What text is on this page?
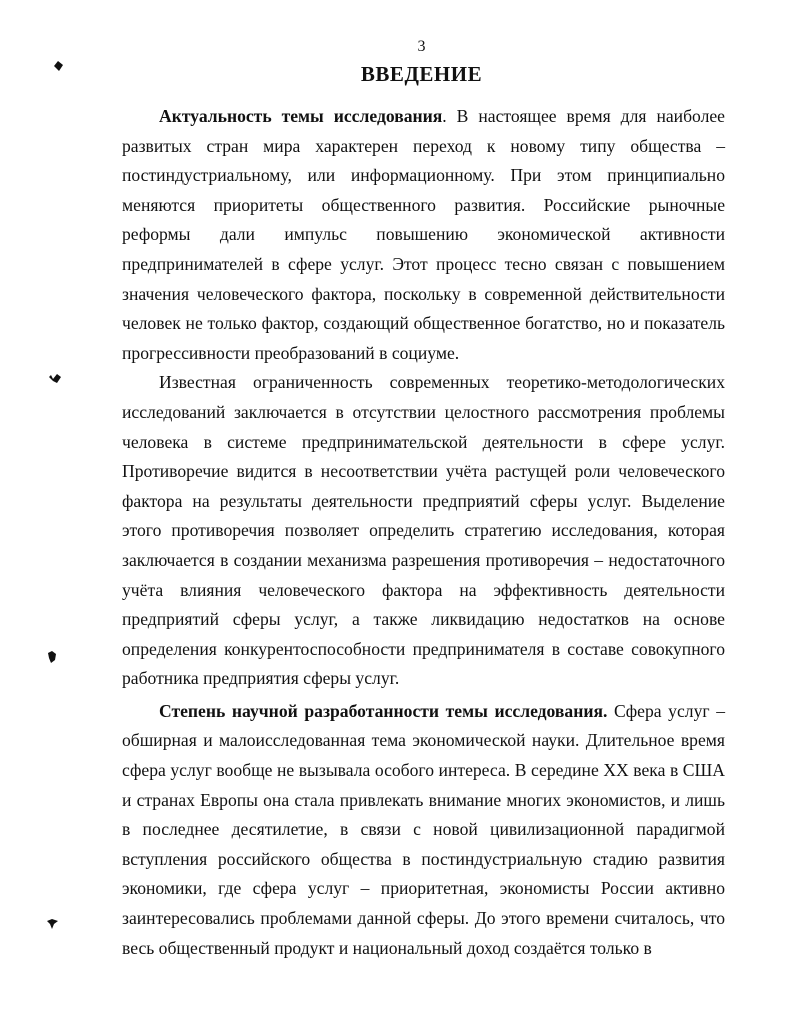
3
ВВЕДЕНИЕ

Актуальность темы исследования. В настоящее время для наиболее развитых стран мира характерен переход к новому типу общества – постиндустриальному, или информационному. При этом принципиально меняются приоритеты общественного развития. Российские рыночные реформы дали импульс повышению экономической активности предпринимателей в сфере услуг. Этот процесс тесно связан с повышением значения человеческого фактора, поскольку в современной действительности человек не только фактор, создающий общественное богатство, но и показатель прогрессивности преобразований в социуме.

Известная ограниченность современных теоретико-методологических исследований заключается в отсутствии целостного рассмотрения проблемы человека в системе предпринимательской деятельности в сфере услуг. Противоречие видится в несоответствии учёта растущей роли человеческого фактора на результаты деятельности предприятий сферы услуг. Выделение этого противоречия позволяет определить стратегию исследования, которая заключается в создании механизма разрешения противоречия – недостаточного учёта влияния человеческого фактора на эффективность деятельности предприятий сферы услуг, а также ликвидацию недостатков на основе определения конкурентоспособности предпринимателя в составе совокупного работника предприятия сферы услуг.

Степень научной разработанности темы исследования. Сфера услуг – обширная и малоисследованная тема экономической науки. Длительное время сфера услуг вообще не вызывала особого интереса. В середине XX века в США и странах Европы она стала привлекать внимание многих экономистов, и лишь в последнее десятилетие, в связи с новой цивилизационной парадигмой вступления российского общества в постиндустриальную стадию развития экономики, где сфера услуг – приоритетная, экономисты России активно заинтересовались проблемами данной сферы. До этого времени считалось, что весь общественный продукт и национальный доход создаётся только в
